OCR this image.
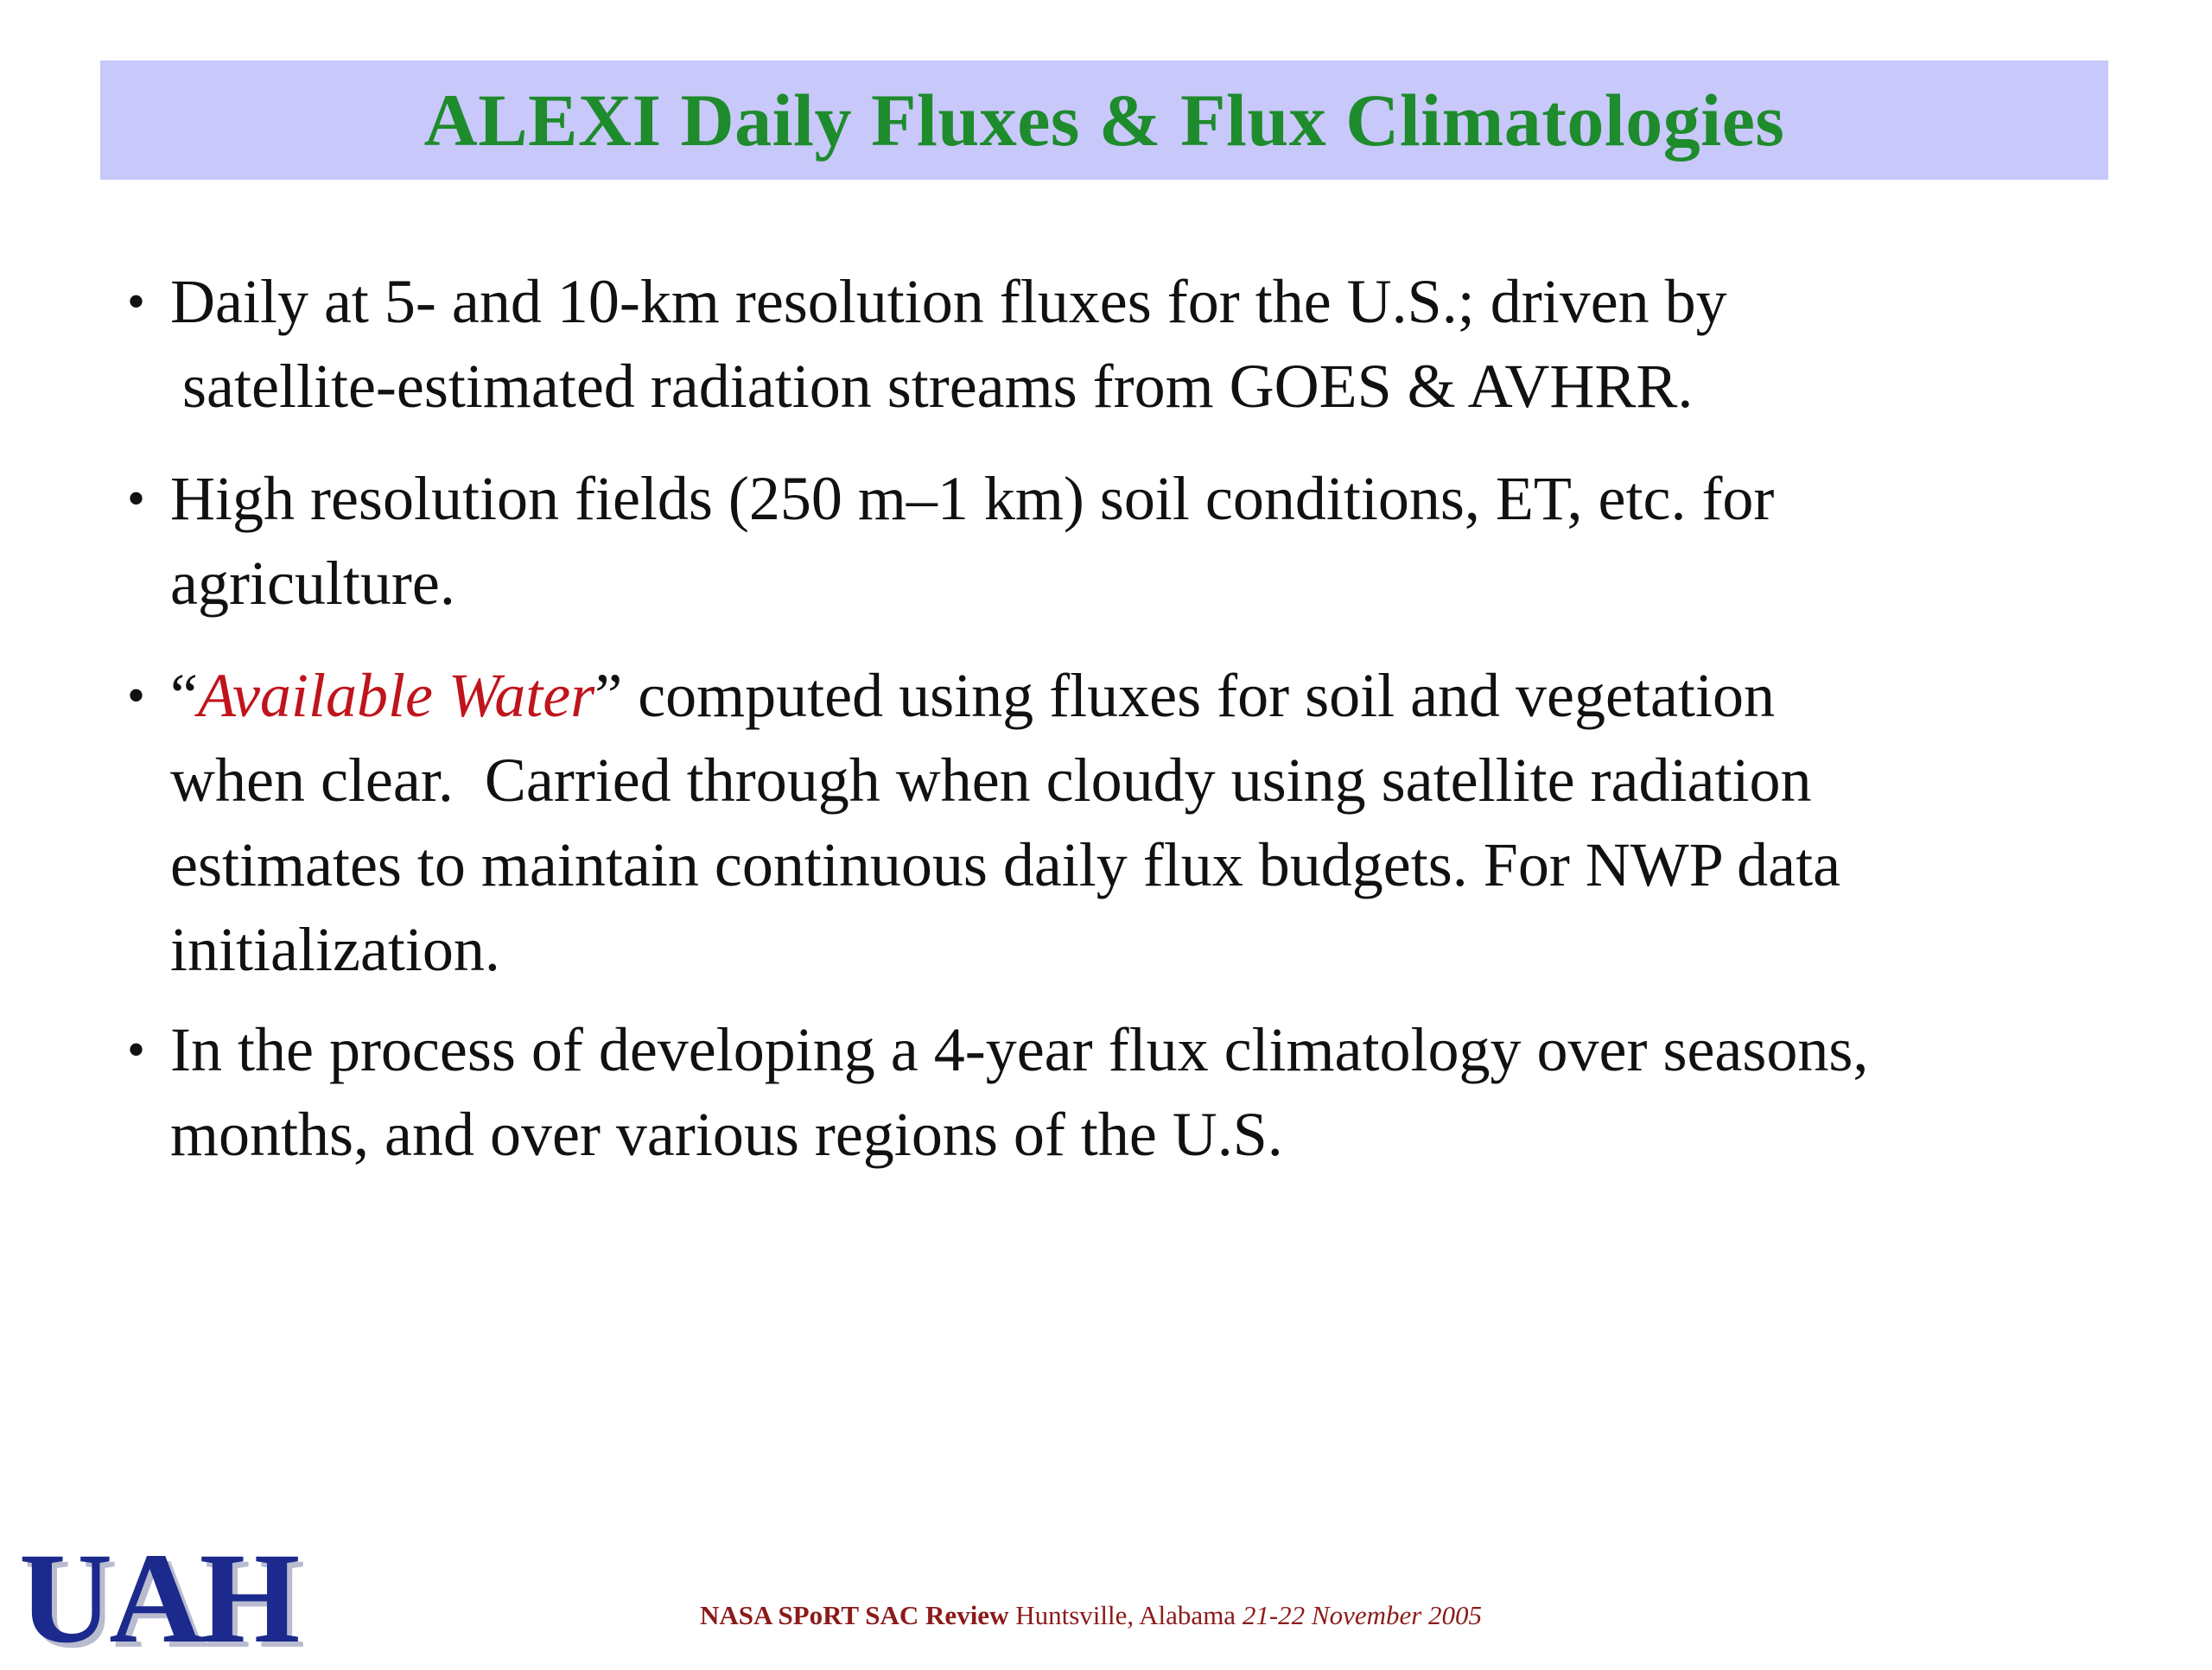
ALEXI Daily Fluxes & Flux Climatologies
• Daily at 5- and 10-km resolution fluxes for the U.S.; driven by
satellite-estimated radiation streams from GOES & AVHRR.
• High resolution fields (250 m–1 km) soil conditions, ET, etc. for
agriculture.
• “Available Water” computed using fluxes for soil and vegetation
when clear.  Carried through when cloudy using satellite radiation
estimates to maintain continuous daily flux budgets. For NWP data
initialization.
• In the process of developing a 4-year flux climatology over seasons,
months, and over various regions of the U.S.
UAH	NASA SPoRT SAC Review Huntsville, Alabama 21-22 November 2005
